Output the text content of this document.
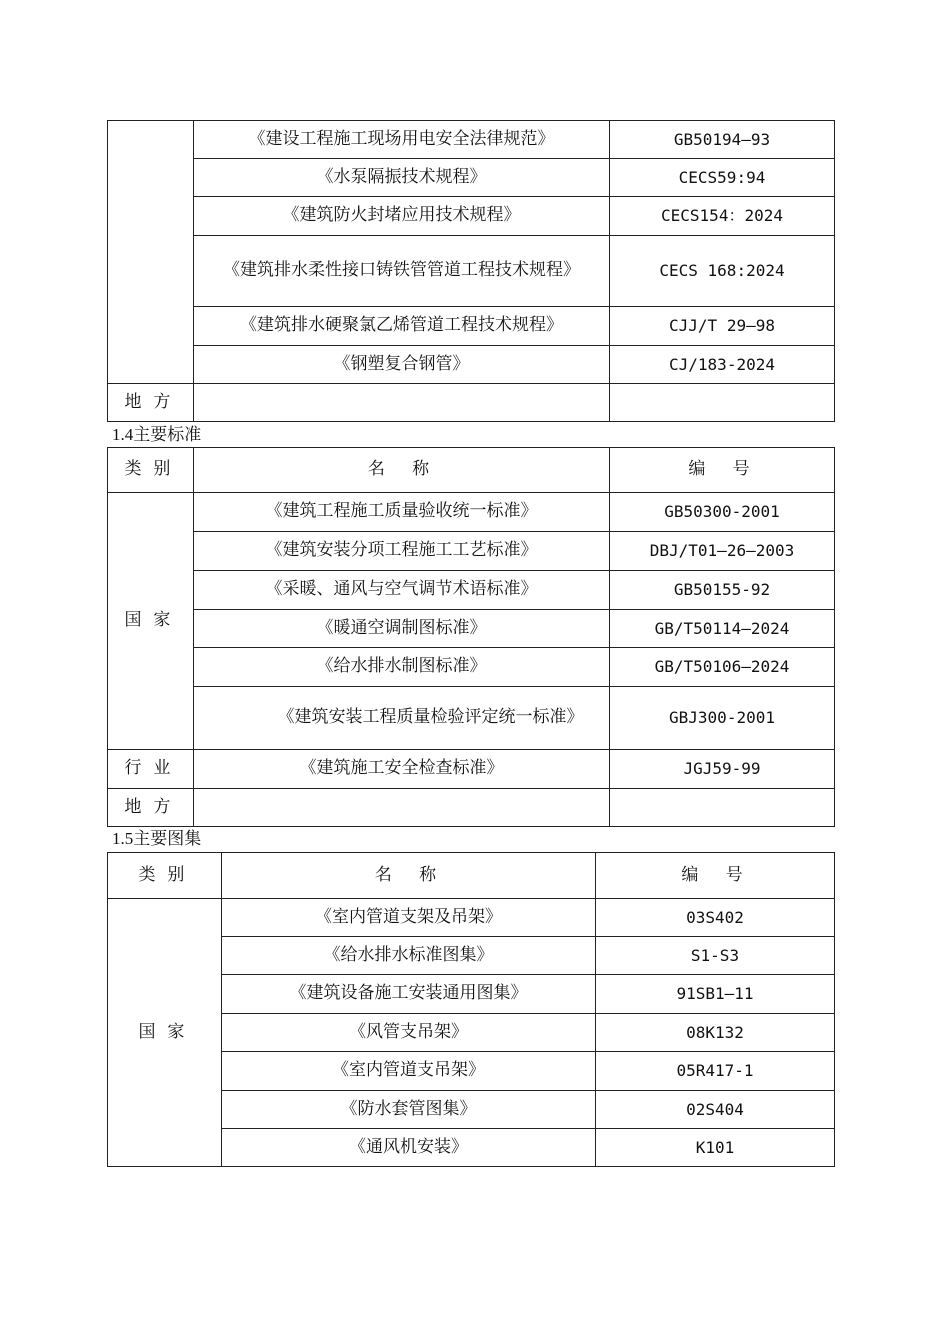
	《建设工程施工现场用电安全法律规范》	GB50194—93
	《水泵隔振技术规程》	CECS59:94
	《建筑防火封堵应用技术规程》	CECS154：2024
	《建筑排水柔性接口铸铁管管道工程技术规程》	CECS 168:2024
	《建筑排水硬聚氯乙烯管道工程技术规程》	CJJ/T 29—98
	《钢塑复合钢管》	CJ/183-2024
地方		
1.4主要标准
类别	名称	编号
国家	《建筑工程施工质量验收统一标准》	GB50300-2001
	《建筑安装分项工程施工工艺标准》	DBJ/T01—26—2003
	《采暖、通风与空气调节术语标准》	GB50155-92
	《暖通空调制图标准》	GB/T50114—2024
	《给水排水制图标准》	GB/T50106—2024
	《建筑安装工程质量检验评定统一标准》	GBJ300-2001
行业	《建筑施工安全检查标准》	JGJ59-99
地方		
1.5主要图集
类别	名称	编号
国家	《室内管道支架及吊架》	03S402
	《给水排水标准图集》	S1-S3
	《建筑设备施工安装通用图集》	91SB1—11
	《风管支吊架》	08K132
	《室内管道支吊架》	05R417-1
	《防水套管图集》	02S404
	《通风机安装》	K101
